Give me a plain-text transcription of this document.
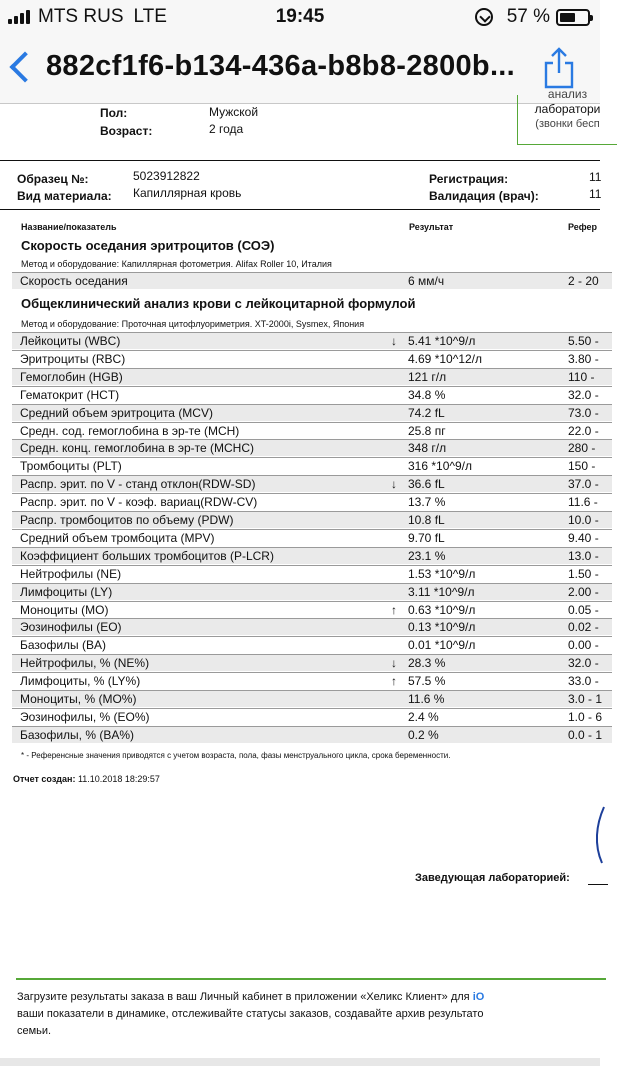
MTS RUS LTE	19:45	57 %
882cf1f6-b134-436a-b8b8-2800b...
Пол:	Мужской
Возраст:	2 года
анализ
лаборатори
(звонки бесп
Образец №:	5023912822
Вид материала: Капиллярная кровь
Регистрация:	11
Валидация (врач):	11
Название/показатель	Результат	Рефер
Скорость оседания эритроцитов (СОЭ)
Метод и оборудование: Капиллярная фотометрия. Alifax Roller 10, Италия
Скорость оседания	6 мм/ч	2 - 20
Общеклинический анализ крови с лейкоцитарной формулой
Метод и оборудование: Проточная цитофлуориметрия. XT-2000i, Sysmex, Япония
Лейкоциты (WBC)	↓ 5.41 *10^9/л	5.50 -
Эритроциты (RBC)	4.69 *10^12/л	3.80 -
Гемоглобин (HGB)	121 г/л	110 -
Гематокрит (HCT)	34.8 %	32.0 -
Средний объем эритроцита (MCV)	74.2 fL	73.0 -
Средн. сод. гемоглобина в эр-те (MCH)	25.8 пг	22.0 -
Средн. конц. гемоглобина в эр-те (MCHC)	348 г/л	280 -
Тромбоциты (PLT)	316 *10^9/л	150 -
Распр. эрит. по V - станд отклон(RDW-SD)	↓ 36.6 fL	37.0 -
Распр. эрит. по V - коэф. вариац(RDW-CV)	13.7 %	11.6 -
Распр. тромбоцитов по объему (PDW)	10.8 fL	10.0 -
Средний объем тромбоцита (MPV)	9.70 fL	9.40 -
Коэффициент больших тромбоцитов (P-LCR)	23.1 %	13.0 -
Нейтрофилы (NE)	1.53 *10^9/л	1.50 -
Лимфоциты (LY)	3.11 *10^9/л	2.00 -
Моноциты (MO)	↑ 0.63 *10^9/л	0.05 -
Эозинофилы (EO)	0.13 *10^9/л	0.02 -
Базофилы (BA)	0.01 *10^9/л	0.00 -
Нейтрофилы, % (NE%)	↓ 28.3 %	32.0 -
Лимфоциты, % (LY%)	↑ 57.5 %	33.0 -
Моноциты, % (MO%)	11.6 %	3.0 - 1
Эозинофилы, % (EO%)	2.4 %	1.0 - 6
Базофилы, % (BA%)	0.2 %	0.0 - 1
* - Референсные значения приводятся с учетом возраста, пола, фазы менструального цикла, срока беременности.
Отчет создан: 11.10.2018 18:29:57
Заведующая лабораторией:
Загрузите результаты заказа в ваш Личный кабинет в приложении «Хеликс Клиент» для iO
ваши показатели в динамике, отслеживайте статусы заказов, создавайте архив результато
семьи.
